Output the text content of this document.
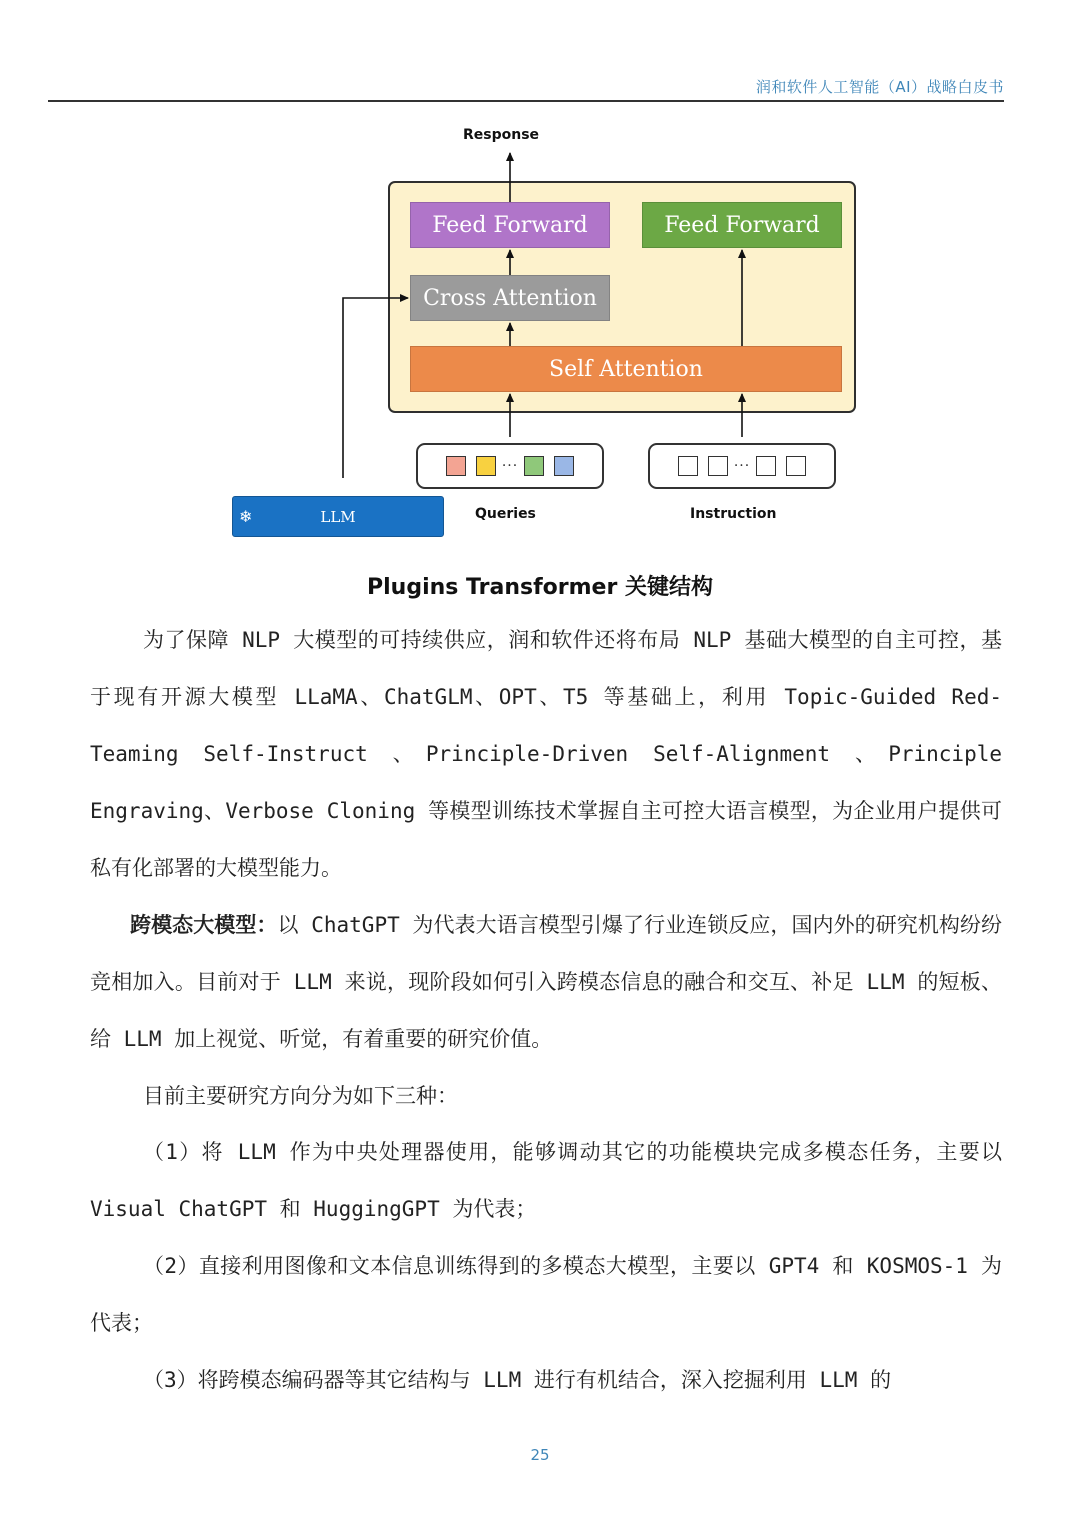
润和软件人工智能（AI）战略白皮书
Response
Feed Forward	Feed Forward
Cross Attention
Self Attention
···	···
Queries	Instruction
❄	LLM
Plugins Transformer 关键结构
为了保障 NLP 大模型的可持续供应，润和软件还将布局 NLP 基础大模型的自主可控，基于现有开源大模型 LLaMA、ChatGLM、OPT、T5 等基础上，利用 Topic-Guided Red-Teaming Self-Instruct 、Principle-Driven Self-Alignment 、Principle Engraving、Verbose Cloning 等模型训练技术掌握自主可控大语言模型，为企业用户提供可私有化部署的大模型能力。
跨模态大模型：以 ChatGPT 为代表大语言模型引爆了行业连锁反应，国内外的研究机构纷纷竞相加入。目前对于 LLM 来说，现阶段如何引入跨模态信息的融合和交互、补足 LLM 的短板、给 LLM 加上视觉、听觉，有着重要的研究价值。
目前主要研究方向分为如下三种：
（1）将 LLM 作为中央处理器使用，能够调动其它的功能模块完成多模态任务，主要以 Visual ChatGPT 和 HuggingGPT 为代表；
（2）直接利用图像和文本信息训练得到的多模态大模型，主要以 GPT4 和 KOSMOS-1 为代表；
（3）将跨模态编码器等其它结构与 LLM 进行有机结合，深入挖掘利用 LLM 的
25
